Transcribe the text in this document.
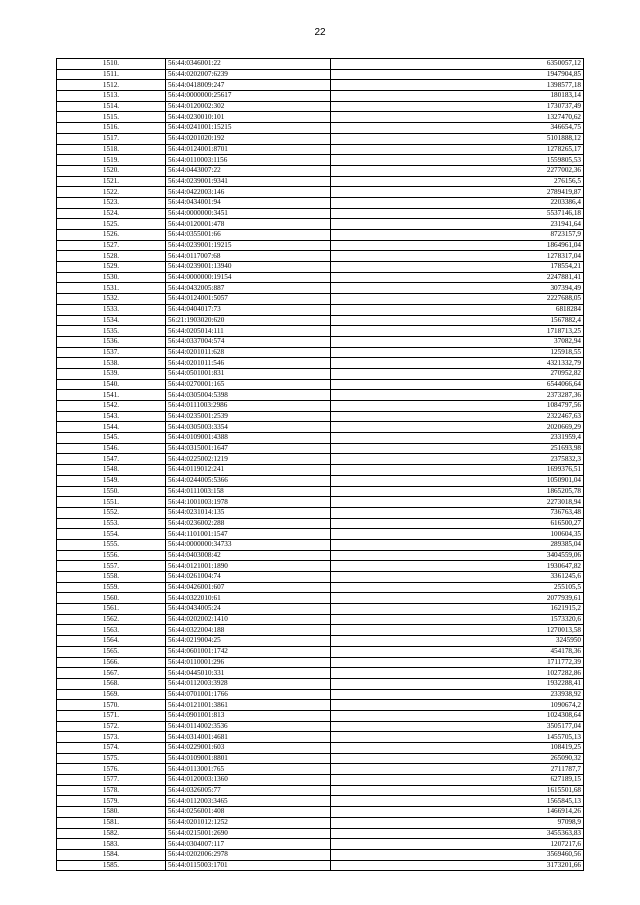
22
1510.	56:44:0346001:22	6350057,12
1511.	56:44:0202007:6239	1947904,85
1512.	56:44:0418009:247	1398577,18
1513.	56:44:0000000:25617	180183,14
1514.	56:44:0120002:302	1730737,49
1515.	56:44:0230010:101	1327470,62
1516.	56:44:0241001:15215	346654,75
1517.	56:44:0201020:192	5101888,12
1518.	56:44:0124001:8701	1278265,17
1519.	56:44:0110003:1156	1559805,53
1520.	56:44:0443007:22	2277002,36
1521.	56:44:0239001:9341	276156,5
1522.	56:44:0422003:146	2789419,87
1523.	56:44:0434001:94	2203386,4
1524.	56:44:0000000:3451	5537146,18
1525.	56:44:0120001:478	231941,64
1526.	56:44:0355001:66	8723157,9
1527.	56:44:0239001:19215	1864961,04
1528.	56:44:0117007:68	1278317,04
1529.	56:44:0239001:13940	178554,21
1530.	56:44:0000000:19154	2247881,41
1531.	56:44:0432005:887	307394,49
1532.	56:44:0124001:5057	2227688,05
1533.	56:44:0404017:73	6818284
1534.	56:21:1903020:620	1567882,4
1535.	56:44:0205014:111	1718713,25
1536.	56:44:0337004:574	37082,94
1537.	56:44:0201011:628	125918,55
1538.	56:44:0201011:546	4321332,79
1539.	56:44:0501001:831	270952,82
1540.	56:44:0270001:165	6544066,64
1541.	56:44:0305004:5398	2373287,36
1542.	56:44:0111003:2986	1084797,56
1543.	56:44:0235001:2539	2322467,63
1544.	56:44:0305003:3354	2020669,29
1545.	56:44:0109001:4388	2331959,4
1546.	56:44:0315001:1647	251693,98
1547.	56:44:0225002:1219	2375832,3
1548.	56:44:0119012:241	1699376,51
1549.	56:44:0244005:5366	1050901,04
1550.	56:44:0111003:158	1865205,78
1551.	56:44:1001003:1978	2273018,94
1552.	56:44:0231014:135	736763,48
1553.	56:44:0236002:288	616500,27
1554.	56:44:1101001:1547	100604,35
1555.	56:44:0000000:34733	289385,04
1556.	56:44:0403008:42	3404559,06
1557.	56:44:0121001:1890	1930647,82
1558.	56:44:0261004:74	3361245,6
1559.	56:44:0426001:607	255105,5
1560.	56:44:0322010:61	2077939,61
1561.	56:44:0434005:24	1621915,2
1562.	56:44:0202002:1410	1573320,6
1563.	56:44:0322004:188	1270013,58
1564.	56:44:0219004:25	3245950
1565.	56:44:0601001:1742	454178,36
1566.	56:44:0110001:296	1711772,39
1567.	56:44:0445010:331	1027282,86
1568.	56:44:0112003:3928	1932288,41
1569.	56:44:0701001:1766	233938,92
1570.	56:44:0121001:3861	1090674,2
1571.	56:44:0901001:813	1024308,64
1572.	56:44:0114002:3536	3505177,04
1573.	56:44:0314001:4681	1455705,13
1574.	56:44:0229001:603	108419,25
1575.	56:44:0109001:8801	265090,32
1576.	56:44:0113001:765	2711787,7
1577.	56:44:0120003:1360	627189,15
1578.	56:44:0326005:77	1615501,68
1579.	56:44:0112003:3465	1565845,13
1580.	56:44:0256001:408	1466914,26
1581.	56:44:0201012:1252	97098,9
1582.	56:44:0215001:2690	3455363,83
1583.	56:44:0304007:117	1207217,6
1584.	56:44:0202006:2978	3569460,56
1585.	56:44:0115003:1701	3173201,66
